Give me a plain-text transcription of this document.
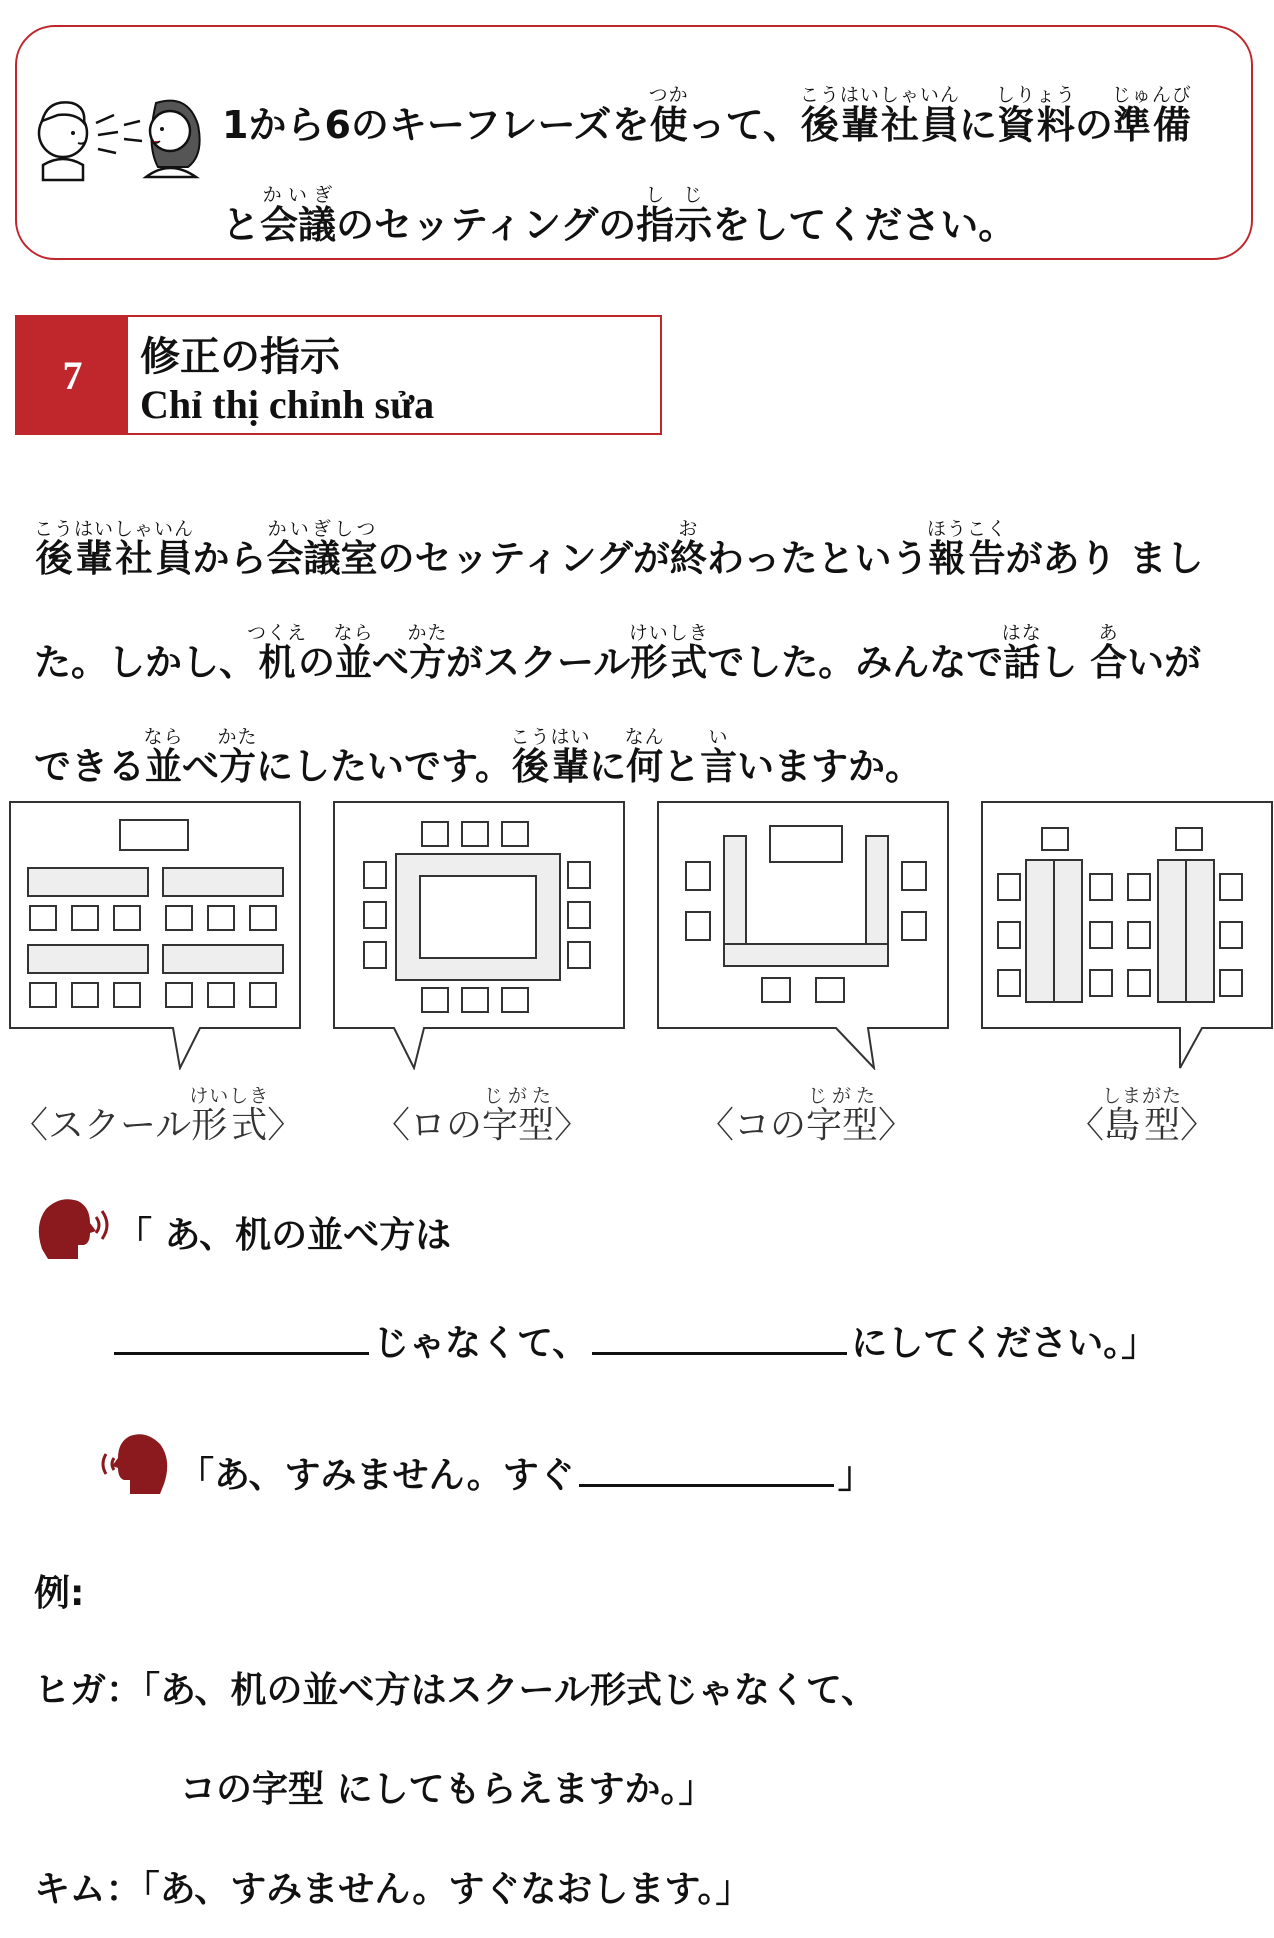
1から6のキーフレーズを使つかって、後輩社員こうはいしゃいんに資料しりょうの準備じゅんび
と会議かいぎのセッティングの指示しじをしてください。
7	修正の指示
Chỉ thị chỉnh sửa
後輩社員こうはいしゃいんから会議室かいぎしつのセッティングが終おわったという報告ほうこくがあり まし
た。しかし、机つくえの並ならべ方かたがスクール形式けいしきでした。みんなで話はなし 合あいが
できる並ならべ方かたにしたいです。後輩こうはいに何なんと言いいますか。
〈スクール形式けいしき〉 〈ロの字型じがた〉	〈コの字型じがた〉	〈島型しまがた〉
「 あ、机の並べ方は
じゃなくて、	にしてください。」
「あ、すみません。すぐ	」
例:
ヒガ：「あ、机の並べ方はスクール形式じゃなくて、
コの字型 にしてもらえますか。」
キム：「あ、すみません。すぐなおします。」
